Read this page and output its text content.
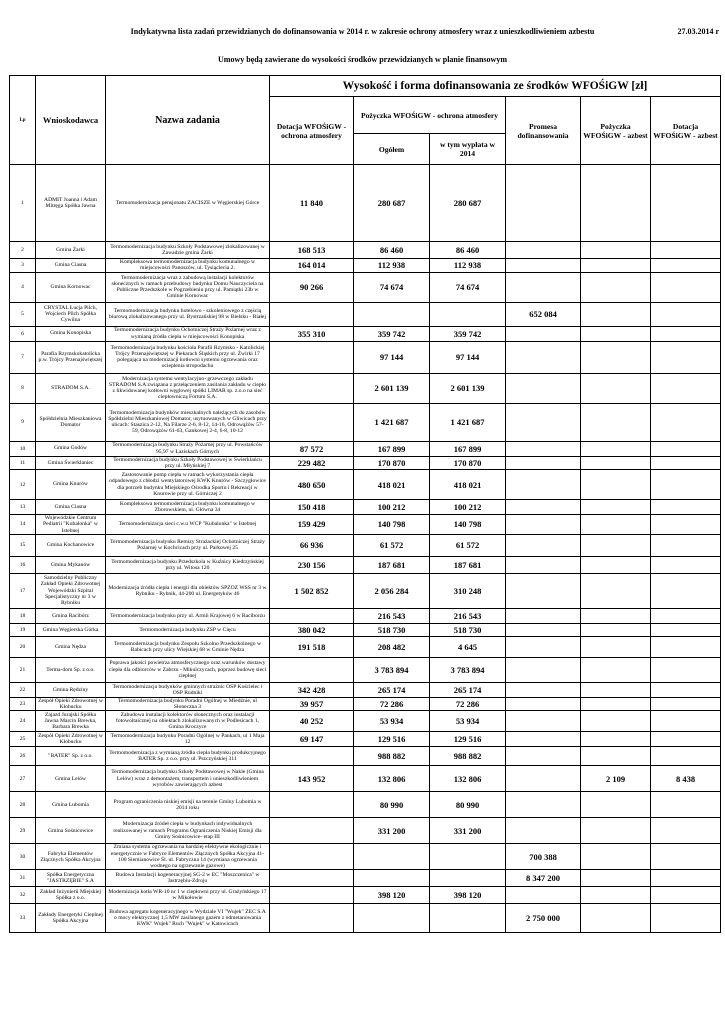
Indykatywna lista zadań przewidzianych do dofinansowania w 2014 r. w zakresie ochrony atmosfery wraz z unieszkodliwieniem azbestu	27.03.2014 r
Umowy będą zawierane do wysokości środków przewidzianych w planie finansowym
Lp	Wnioskodawca	Nazwa zadania	Wysokość i forma dofinansowania ze środków WFOŚiGW [zł]					
			Dotacja WFOŚiGW - ochrona atmosfery	Pożyczka WFOŚiGW - ochrona atmosfery		Promesa dofinansowania	Pożyczka WFOŚiGW - azbest	Dotacja WFOŚiGW - azbest
				Ogółem	w tym wypłata w 2014			
1	ADMIT Joanna i Adam Mitręga Spółka Jawna	Termomodernizacja pensjonatu ZACISZE w Węgierskiej Górce	11 840	280 687	280 687			
2	Gmina Żarki	Termomodernizacja budynku Szkoły Podstawowej zlokalizowanej w Zawadzie gmina Żarki	168 513	86 460	86 460			
3	Gmina Ciasna	Kompleksowa termomodernizacja budynku komunalnego w miejscowości Panoszów, ul. Tysiąclecia 2.	164 014	112 938	112 938			
4	Gmina Kornowac	Termomodernizacja wraz z zabudową instalacji kolektorów słonecznych w ramach przebudowy budynku Domu Nauczyciela na Publiczne Przedszkole w Pogrzebieniu przy ul. Pamiątki 23b w Gminie Kornowac	90 266	74 674	74 674			
5	CRYSTAL Łucja Pilch, Wojciech Pilch Spółka Cywilna	Termomodernizacja budynku hotelowo - szkoleniowego z częścią biurową zlokalizowanego przy ul. Bystrzańskiej 98 w Bielsku - Białej				652 084		
6	Gmina Konopiska	Termomodernizacja budynku Ochotniczej Straży Pożarnej wraz z wymianą źródła ciepła w miejscowości Konopiska	355 310	359 742	359 742			
7	Parafia Rzymskokatolicka p.w. Trójcy Przenajświętszej	Termomodernizacja budynku kościoła Parafii Rzymsko - Katolickiej Trójcy Przenajświętszej w Piekarach Śląskich przy ul. Żwirki 17 polegająca na modernizacji kotłowni systemu ogrzewania oraz ocieplenia stropodachu		97 144	97 144			
8	STRADOM S.A.	Modernizacja systemu wentylacyjno- grzewczego zakładu STRADOM S.A związana z przełączeniem zasilania zakładu w ciepło z likwidowanej kotłowni węglowej spółki LIMAR sp. z.o.o na sieć ciepłowniczą Fortum S.A.		2 601 139	2 601 139			
9	Spółdzielnia Mieszkaniowa Domator	Termomodernizacja budynków mieszkalnych należących do zasobów Spółdzielni Mieszkaniowej Domator, usytuowanych w Gliwicach przy ulicach: Staszica 2-12, Na Filarze 2-6, 8-12, 14-16, Odrowążów 57-59, Odrowążów 61-63, Gankowej 2-4, 6-8, 10-12		1 421 687	1 421 687			
10	Gmina Godów	Termomodernizacja budynku Straży Pożarnej przy ul. Powstańców 95,97 w Łaziskach Górnych	87 572	167 899	167 899			
11	Gmina Świerklaniec	Termomodernizacja budynku Szkoły Podstawowej w Świerklańcu przy ul. Młyńskiej 7	229 482	170 870	170 870			
12	Gmina Knurów	Zastosowanie pomp ciepła w ramach wykorzystania ciepła odpadowego z chłodzi wentylatorowej KWK Knurów - Szczygłowice dla potrzeb budynku Miejskiego Ośrodka Sportu i Rekreacji w Knurowie przy ul. Górniczej 2	480 650	418 021	418 021			
13	Gmina Ciasna	Kompleksowa termomodernizacja budynku komunalnego w Zborowskiem, ul. Główna 34	150 418	100 212	100 212			
14	Wojewódzkie Centrum Pediatrii "Kubalonka" w Istebnej	Termomodernizacja sieci c.w.u WCP "Kubalonka" w Istebnej	159 429	140 798	140 798			
15	Gmina Kochanowice	Termomodernizacja budynku Remizy Strażackiej Ochotniczej Straży Pożarnej w Kochcicach przy ul. Parkowej 25	66 936	61 572	61 572			
16	Gmina Mykanów	Termomodernizacja budynku Przedszkola w Kuźnicy Kiedrzyńskiej przy ul. Witosa 120	230 156	187 681	187 681			
17	Samodzielny Publiczny Zakład Opieki Zdrowotnej Wojewódzki Szpital Specjalistyczny nr 3 w Rybniku	Modernizacja źródła ciepła i energii dla obiektów SPZOZ WSS nr 3 w Rybniku - Rybnik, 44-200 ul. Energetyków 46	1 502 852	2 056 284	310 248			
18	Gmina Racibórz	Termomodernizacja budynku przy ul. Armii Krajowej 6 w Raciborzu		216 543	216 543			
19	Gmina Węgierska Górka	Termomodernizacja budynku ZSP w Cięcu	380 042	518 730	518 730			
20	Gmina Nędza	Termomodernizacja budynku Zespołu Szkolno Przedszkolnego w Babicach przy ulicy Wiejskiej 68 w Gminie Nędza	191 518	208 482	4 645			
21	Terma-dom Sp. z o.o.	Poprawa jakości powietrza atmosferycznego oraz warunków dostawy ciepła dla odbiorców w Zabrzu - Mikulczycach, poprzez budowę sieci ciepłnej		3 783 894	3 783 894			
22	Gmina Rędziny	Termomodernizacja budynków gminnych strażnic OSP Kościelec i OSP Rudniki	342 428	265 174	265 174			
23	Zespół Opieki Zdrowotnej w Kłobucku	Termomodernizacja budynku Poradni Ogólnej w Miedźnie, ul Słoneczna 3	39 957	72 286	72 286			
24	Zajazd Jurajski Spółka Jawna Marcin Brewka, Barbara Brewka	Zabudowa instalacji kolektorów słonecznych oraz instalacji fotowoltaicznej na obiektach zlokalizowanych w Podlesicach 1, Gmina Kroczyce	40 252	53 934	53 934			
25	Zespół Opieki Zdrowotnej w Kłobucku	Termomodernizacja budynku Poradni Ogólnej w Pankach, ul 1 Maja 12	69 147	129 516	129 516			
26	"BATER" Sp. z o.o.	Termomodernizacja z wymianą źródła ciepła budynku produkcyjnego BATER Sp. z o.o. przy ul. Pszczyńskiej 311		988 882	988 882			
27	Gmina Lelów	Termomodernizacja budynku Szkoły Podstawowej w Nakle (Gmina Lelów) wraz z demontażem, transportem i unieszkodliwieniem wyrobów zawierających azbest	143 952	132 806	132 806		2 109	8 438
28	Gmina Lubomia	Program ograniczenia niskiej emisji na terenie Gminy Lubomia w 2014 roku		80 990	80 990			
29	Gmina Sośnicowice	Modernizacja źródeł ciepła w budynkach indywidualnych realizowanej w ramach Programu Ograniczenia Niskiej Emisji dla Gminy Sośnicowice- etap III		331 200	331 200			
30	Fabryka Elementów Złącznych Spółka Akcyjna	Zmiana systemu ogrzewania na bardziej efektywne ekologicznie i energetycznie w Fabryce Elementów Złącznych Spółka Akcyjna 41-100 Siemianowice Śl. ul. Fabryczna 14 (wymiana ogrzewania wodnego na ogrzewanie gazowe)				700 388		
31	Spółka Energetyczna "JASTRZĘBIE" S.A	Budowa Instalacji kogeneracyjnej SG-2 w EC "Moszczenica" w Jastrzębiu-Zdroju				8 347 200		
32	Zakład Inżynierii Miejskiej Spółka z o.o.	Modernizacja kotła WR-10 nr 1 w ciepłowni przy ul. Grażyńskiego 17 w Mikołowie		398 120	398 120			
33	Zakłady Energetyki Cieplnej Spółka Akcyjna	Budowa agregatu kogeneracyjnego w Wydziale VI "Wujek" ZEC S.A o mocy elektrycznej 1,5 MW zasilanego gazem z odmetanowania KWK" Wujek" Ruch "Wujek" w Katowicach				2 750 000		
